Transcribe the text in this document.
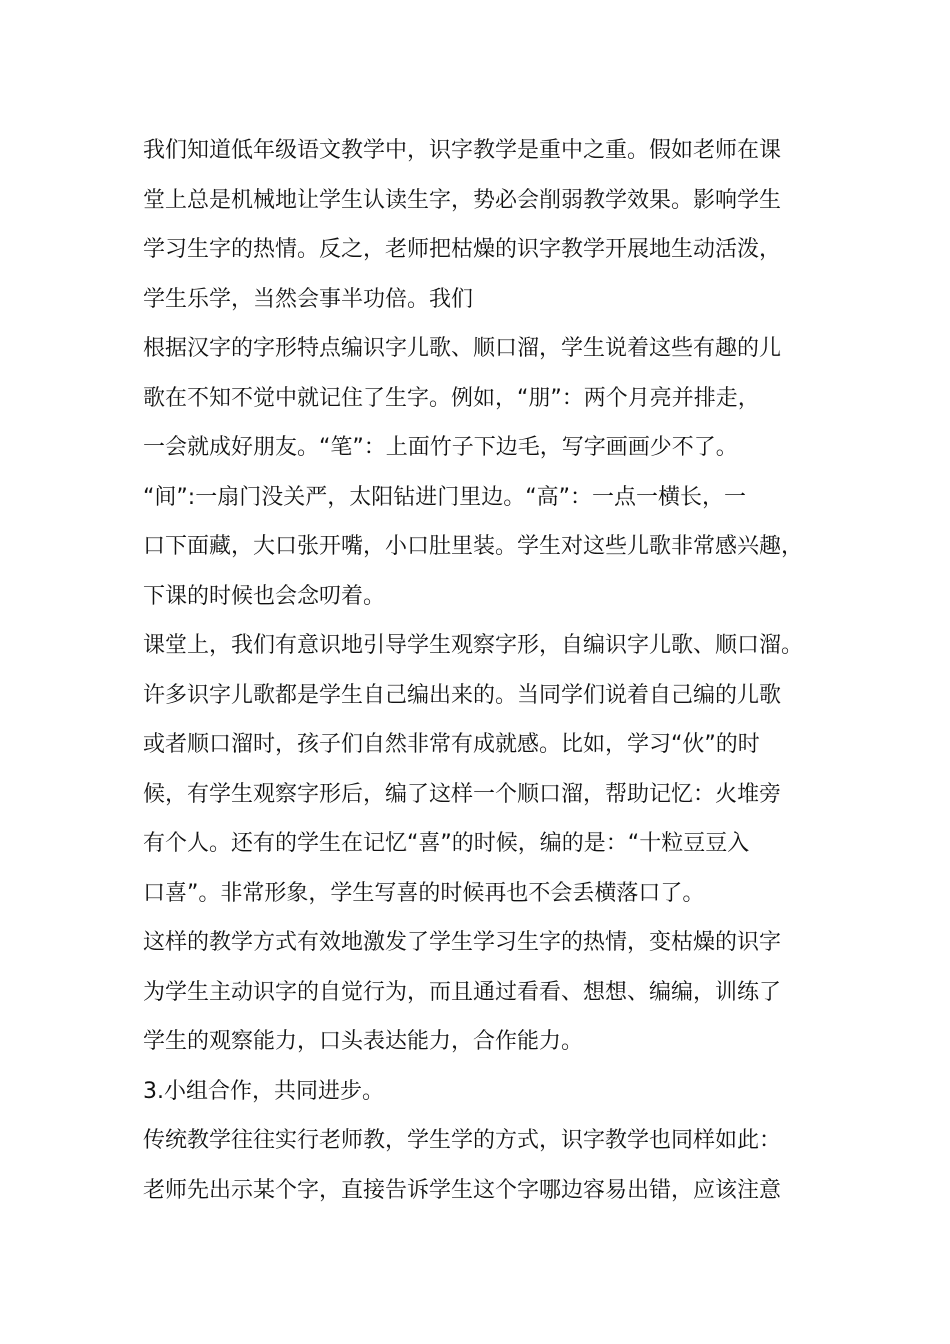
我们知道低年级语文教学中，识字教学是重中之重。假如老师在课
堂上总是机械地让学生认读生字，势必会削弱教学效果。影响学生
学习生字的热情。反之，老师把枯燥的识字教学开展地生动活泼，
学生乐学，当然会事半功倍。我们
根据汉字的字形特点编识字儿歌、顺口溜，学生说着这些有趣的儿
歌在不知不觉中就记住了生字。例如，“朋”：两个月亮并排走，
一会就成好朋友。“笔”：上面竹子下边毛，写字画画少不了。
“间”:一扇门没关严，太阳钻进门里边。“高”：一点一横长，一
口下面藏，大口张开嘴，小口肚里装。学生对这些儿歌非常感兴趣，
下课的时候也会念叨着。
课堂上，我们有意识地引导学生观察字形，自编识字儿歌、顺口溜。
许多识字儿歌都是学生自己编出来的。当同学们说着自己编的儿歌
或者顺口溜时，孩子们自然非常有成就感。比如，学习“伙”的时
候，有学生观察字形后，编了这样一个顺口溜，帮助记忆：火堆旁
有个人。还有的学生在记忆“喜”的时候，编的是：“十粒豆豆入
口喜”。非常形象，学生写喜的时候再也不会丢横落口了。
这样的教学方式有效地激发了学生学习生字的热情，变枯燥的识字
为学生主动识字的自觉行为，而且通过看看、想想、编编，训练了
学生的观察能力，口头表达能力，合作能力。
3.小组合作，共同进步。
传统教学往往实行老师教，学生学的方式，识字教学也同样如此：
老师先出示某个字，直接告诉学生这个字哪边容易出错，应该注意
